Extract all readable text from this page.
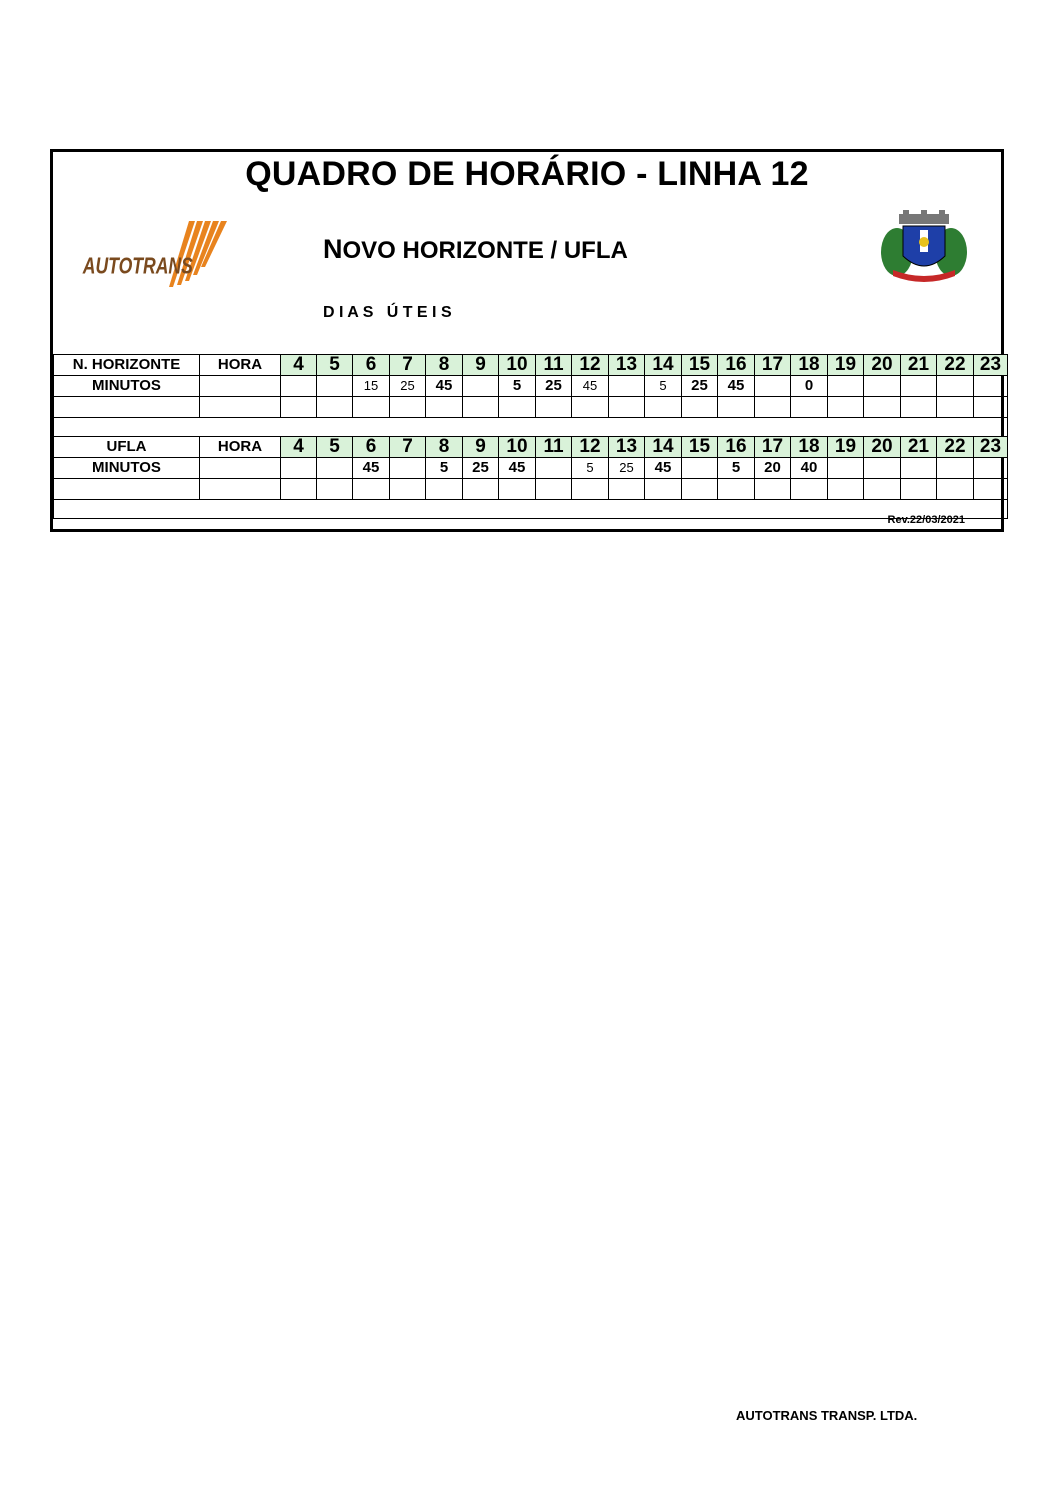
QUADRO DE HORÁRIO - LINHA 12
AUTOTRANS
NOVO HORIZONTE / UFLA
D I A S   Ú T E I S
N. HORIZONTE	HORA	4	5	6	7	8	9	10	11	12	13	14	15	16	17	18	19	20	21	22	23
MINUTOS				15	25	45		5	25	45		5	25	45		0					

UFLA	HORA	4	5	6	7	8	9	10	11	12	13	14	15	16	17	18	19	20	21	22	23
MINUTOS				45		5	25	45		5	25	45		5	20	40					

Rev.22/03/2021
AUTOTRANS TRANSP. LTDA.
